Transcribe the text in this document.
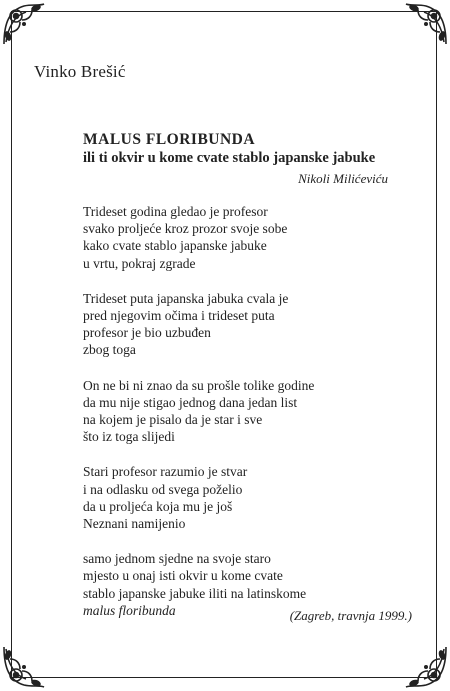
Vinko Brešić
MALUS FLORIBUNDA
ili ti okvir u kome cvate stablo japanske jabuke
Nikoli Milićeviću
Trideset godina gledao je profesor
svako proljeće kroz prozor svoje sobe
kako cvate stablo japanske jabuke
u vrtu, pokraj zgrade
Trideset puta japanska jabuka cvala je
pred njegovim očima i trideset puta
profesor je bio uzbuđen
zbog toga
On ne bi ni znao da su prošle tolike godine
da mu nije stigao jednog dana jedan list
na kojem je pisalo da je star i sve
što iz toga slijedi
Stari profesor razumio je stvar
i na odlasku od svega poželio
da u proljeća koja mu je još
Neznani namijenio
samo jednom sjedne na svoje staro
mjesto u onaj isti okvir u kome cvate
stablo japanske jabuke iliti na latinskome
malus floribunda	(Zagreb, travnja 1999.)
